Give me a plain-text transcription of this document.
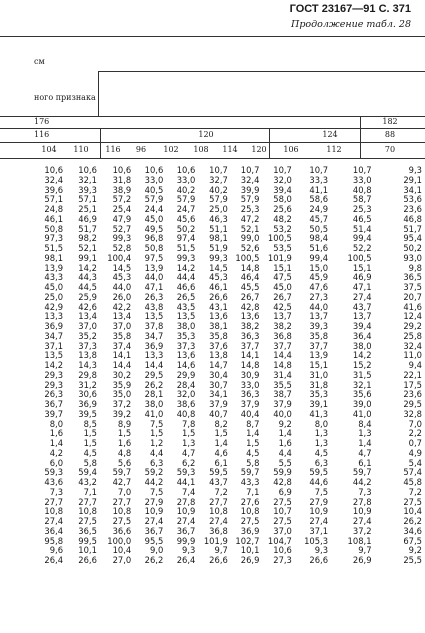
ГОСТ 23167—91 С. 371
Продолжение табл. 28
см
ного признака
176	182
116	120	124	88
104	110	116	96	102	108	114	120	106	112	70
10,6	10,6	10,6	10,6	10,6	10,7	10,7	10,7	10,7	10,7	9,3
32,4	32,1	31,8	33,0	33,0	32,7	32,4	32,0	33,3	33,0	29,1
39,6	39,3	38,9	40,5	40,2	40,2	39,9	39,4	41,1	40,8	34,1
57,1	57,1	57,2	57,9	57,9	57,9	57,9	58,0	58,6	58,7	53,6
24,8	25,1	25,4	24,4	24,7	25,0	25,3	25,6	24,9	25,3	23,6
46,1	46,9	47,9	45,0	45,6	46,3	47,2	48,2	45,7	46,5	46,8
50,8	51,7	52,7	49,5	50,2	51,1	52,1	53,2	50,5	51,4	51,7
97,3	98,2	99,3	96,8	97,4	98,1	99,0	100,5	98,4	99,4	95,4
51,5	52,1	52,8	50,8	51,5	51,9	52,6	53,5	51,6	52,2	50,2
98,1	99,1	100,4	97,5	99,3	99,3	100,5	101,9	99,4	100,5	93,0
13,9	14,2	14,5	13,9	14,2	14,5	14,8	15,1	15,0	15,1	9,8
43,3	44,3	45,3	44,0	44,4	45,3	46,4	47,5	45,9	46,9	36,5
45,0	44,5	44,0	47,1	46,6	46,1	45,5	45,0	47,6	47,1	37,5
25,0	25,9	26,0	26,3	26,5	26,6	26,7	26,7	27,3	27,4	20,7
42,9	42,6	42,2	43,8	43,5	43,1	42,8	42,5	44,0	43,7	41,6
13,3	13,4	13,4	13,5	13,5	13,6	13,6	13,7	13,7	13,7	12,4
36,9	37,0	37,0	37,8	38,0	38,1	38,2	38,2	39,3	39,4	29,2
34,7	35,2	35,8	34,7	35,3	35,8	36,3	36,8	35,8	36,4	25,8
37,1	37,3	37,4	36,9	37,3	37,6	37,7	37,7	37,7	38,0	32,4
13,5	13,8	14,1	13,3	13,6	13,8	14,1	14,4	13,9	14,2	11,0
14,2	14,3	14,4	14,4	14,6	14,7	14,8	14,8	15,1	15,2	9,4
29,3	29,8	30,2	29,5	29,9	30,4	30,9	31,4	31,0	31,5	22,1
29,3	31,2	35,9	26,2	28,4	30,7	33,0	35,5	31,8	32,1	17,5
26,3	30,6	35,0	28,1	32,0	34,1	36,3	38,7	35,3	35,6	23,6
36,7	36,9	37,2	38,0	38,6	37,9	37,9	37,9	39,1	39,0	29,5
39,7	39,5	39,2	41,0	40,8	40,7	40,4	40,0	41,3	41,0	32,8
8,0	8,5	8,9	7,5	7,8	8,2	8,7	9,2	8,0	8,4	7,0
1,6	1,5	1,5	1,5	1,5	1,5	1,4	1,4	1,3	1,3	2,2
1,4	1,5	1,6	1,2	1,3	1,4	1,5	1,6	1,3	1,4	0,7
4,2	4,5	4,8	4,4	4,7	4,6	4,5	4,4	4,5	4,7	4,9
6,0	5,8	5,6	6,3	6,2	6,1	5,8	5,5	6,3	6,1	5,4
59,3	59,4	59,7	59,2	59,3	59,5	59,7	59,9	59,5	59,7	57,4
43,6	43,2	42,7	44,2	44,1	43,7	43,3	42,8	44,6	44,2	45,8
7,3	7,1	7,0	7,5	7,4	7,2	7,1	6,9	7,5	7,3	7,2
27,7	27,7	27,7	27,9	27,8	27,7	27,6	27,5	27,9	27,8	27,5
10,8	10,8	10,8	10,9	10,9	10,8	10,8	10,7	10,9	10,9	10,4
27,4	27,5	27,5	27,4	27,4	27,4	27,5	27,5	27,4	27,4	26,2
36,4	36,5	36,6	36,7	36,7	36,8	36,9	37,0	37,1	37,2	34,6
95,8	99,5	100,0	95,5	99,9	101,9	102,7	104,7	105,3	108,1	67,5
9,6	10,1	10,4	9,0	9,3	9,7	10,1	10,6	9,3	9,7	9,2
26,4	26,6	27,0	26,2	26,4	26,6	26,9	27,3	26,6	26,9	25,5
